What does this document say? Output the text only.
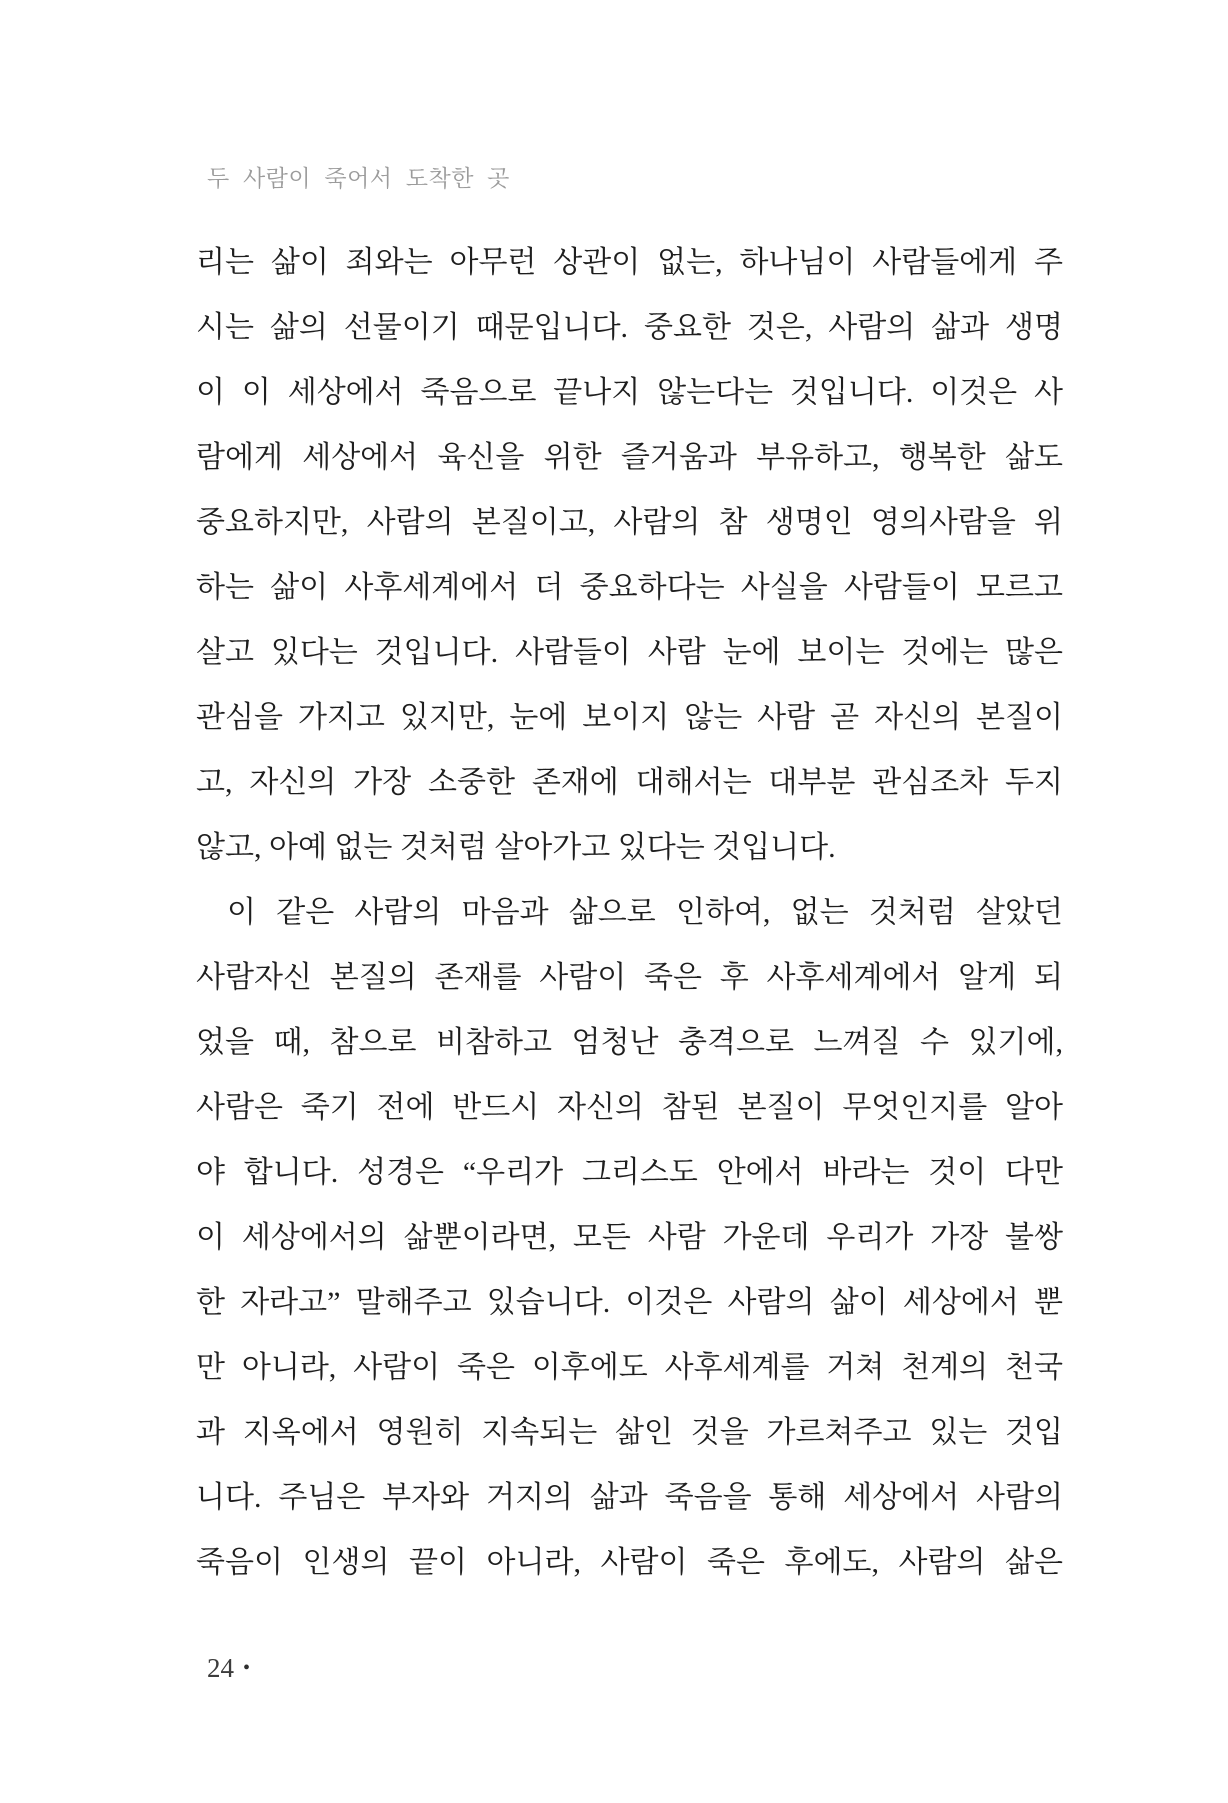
두 사람이 죽어서 도착한 곳
리는 삶이 죄와는 아무런 상관이 없는, 하나님이 사람들에게 주
시는 삶의 선물이기 때문입니다. 중요한 것은, 사람의 삶과 생명
이 이 세상에서 죽음으로 끝나지 않는다는 것입니다. 이것은 사
람에게 세상에서 육신을 위한 즐거움과 부유하고, 행복한 삶도
중요하지만, 사람의 본질이고, 사람의 참 생명인 영의사람을 위
하는 삶이 사후세계에서 더 중요하다는 사실을 사람들이 모르고
살고 있다는 것입니다. 사람들이 사람 눈에 보이는 것에는 많은
관심을 가지고 있지만, 눈에 보이지 않는 사람 곧 자신의 본질이
고, 자신의 가장 소중한 존재에 대해서는 대부분 관심조차 두지
않고, 아예 없는 것처럼 살아가고 있다는 것입니다.
이 같은 사람의 마음과 삶으로 인하여, 없는 것처럼 살았던
사람자신 본질의 존재를 사람이 죽은 후 사후세계에서 알게 되
었을 때, 참으로 비참하고 엄청난 충격으로 느껴질 수 있기에,
사람은 죽기 전에 반드시 자신의 참된 본질이 무엇인지를 알아
야 합니다. 성경은 “우리가 그리스도 안에서 바라는 것이 다만
이 세상에서의 삶뿐이라면, 모든 사람 가운데 우리가 가장 불쌍
한 자라고” 말해주고 있습니다. 이것은 사람의 삶이 세상에서 뿐
만 아니라, 사람이 죽은 이후에도 사후세계를 거쳐 천계의 천국
과 지옥에서 영원히 지속되는 삶인 것을 가르쳐주고 있는 것입
니다. 주님은 부자와 거지의 삶과 죽음을 통해 세상에서 사람의
죽음이 인생의 끝이 아니라, 사람이 죽은 후에도, 사람의 삶은
24 •
